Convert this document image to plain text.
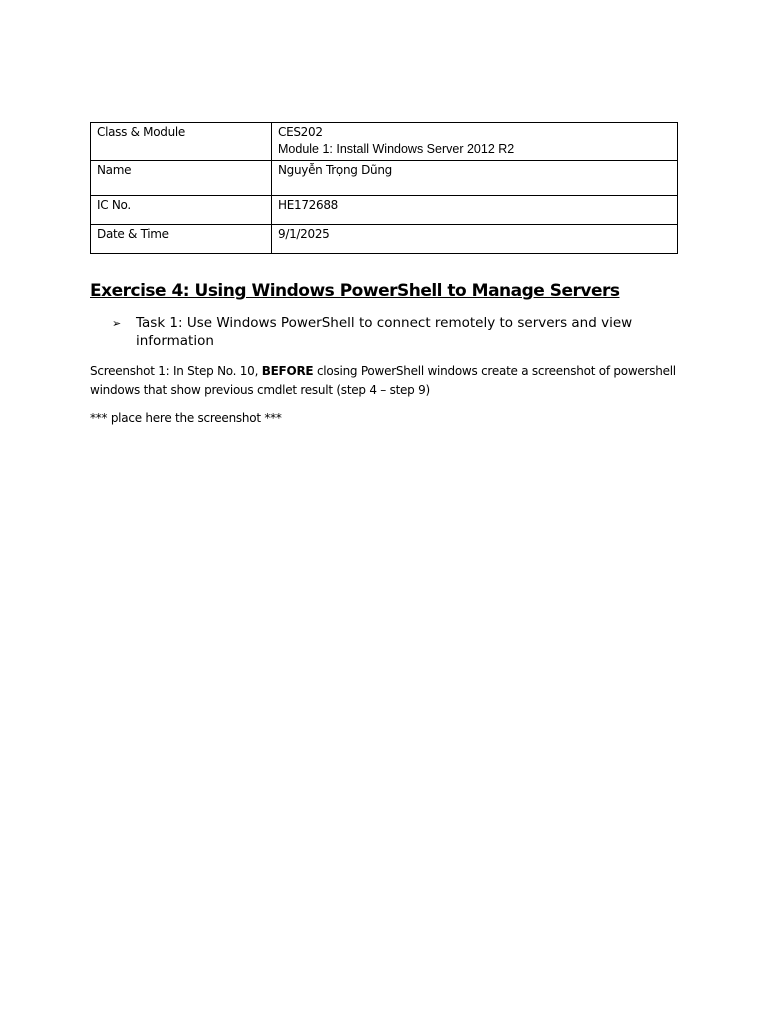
Class & Module	CES202
Module 1: Install Windows Server 2012 R2

Name	Nguyễn Trọng Dũng
IC No.	HE172688
Date & Time	9/1/2025
Exercise 4: Using Windows PowerShell to Manage Servers
➢ Task 1: Use Windows PowerShell to connect remotely to servers and view information

Screenshot 1: In Step No. 10, BEFORE closing PowerShell windows create a screenshot of powershell windows that show previous cmdlet result (step 4 – step 9)

*** place here the screenshot ***
